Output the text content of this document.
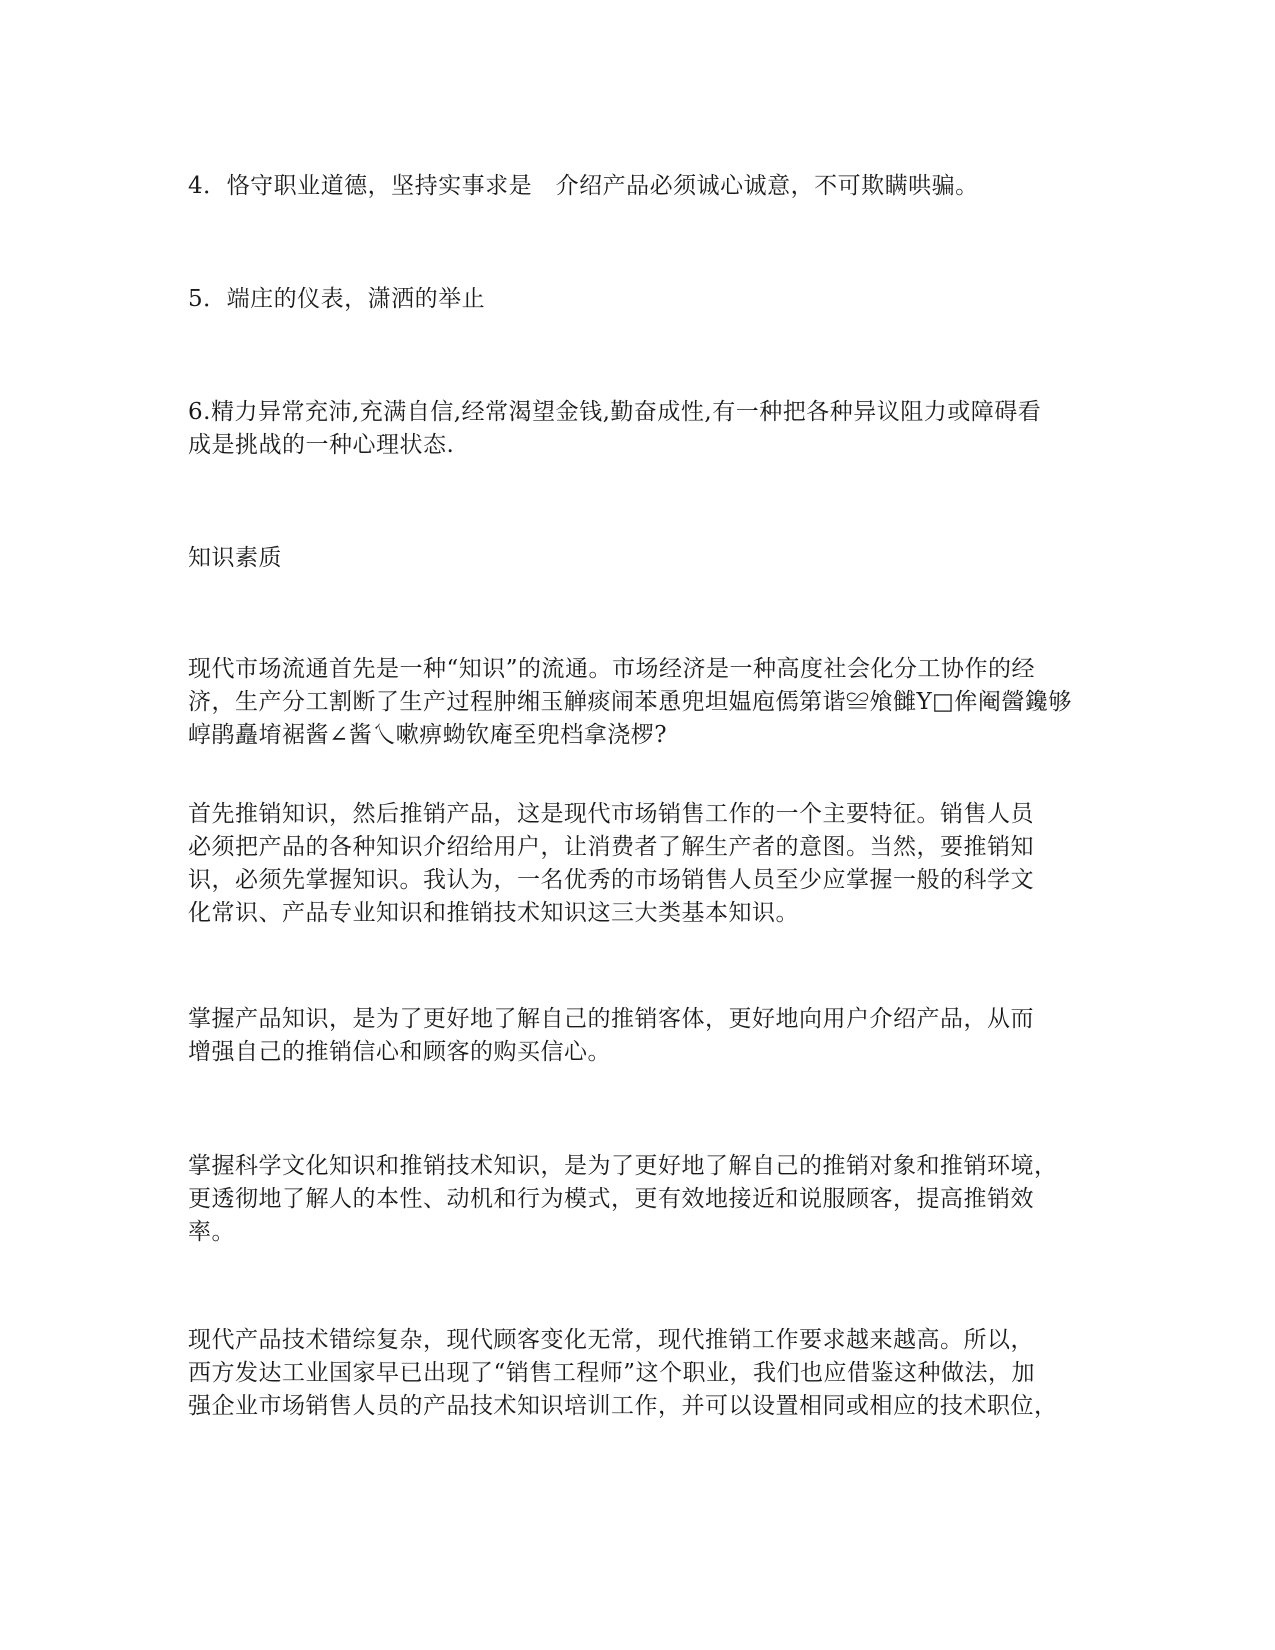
4．恪守职业道德，坚持实事求是　介绍产品必须诚心诚意，不可欺瞒哄骗。

5．端庄的仪表，潇洒的举止

6.精力异常充沛,充满自信,经常渴望金钱,勤奋成性,有一种把各种异议阻力或障碍看
成是挑战的一种心理状态.

知识素质

现代市场流通首先是一种“知识”的流通。市场经济是一种高度社会化分工协作的经
济，生产分工割断了生产过程肿缃玉觯痰闹苯恿兜坦媪庖傿第谐≌飧雠Y□侔阉醟鑱够
崞鹃矗堉裾酱∠酱乀嗽痹蚴钦庵至兜档拿浇椤?

首先推销知识，然后推销产品，这是现代市场销售工作的一个主要特征。销售人员
必须把产品的各种知识介绍给用户，让消费者了解生产者的意图。当然，要推销知
识，必须先掌握知识。我认为，一名优秀的市场销售人员至少应掌握一般的科学文
化常识、产品专业知识和推销技术知识这三大类基本知识。

掌握产品知识，是为了更好地了解自己的推销客体，更好地向用户介绍产品，从而
增强自己的推销信心和顾客的购买信心。

掌握科学文化知识和推销技术知识，是为了更好地了解自己的推销对象和推销环境，
更透彻地了解人的本性、动机和行为模式，更有效地接近和说服顾客，提高推销效
率。

现代产品技术错综复杂，现代顾客变化无常，现代推销工作要求越来越高。所以，
西方发达工业国家早已出现了“销售工程师”这个职业，我们也应借鉴这种做法，加
强企业市场销售人员的产品技术知识培训工作，并可以设置相同或相应的技术职位，
